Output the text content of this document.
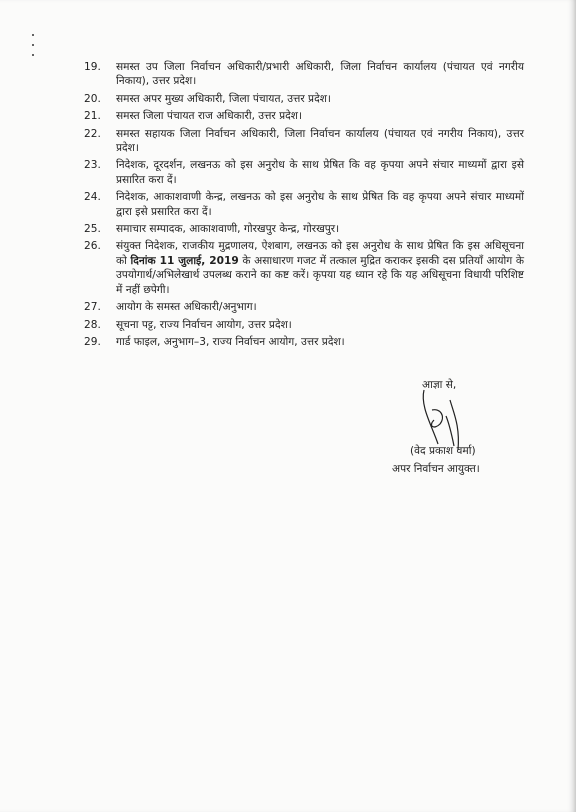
19.	समस्त उप जिला निर्वाचन अधिकारी/प्रभारी अधिकारी, जिला निर्वाचन कार्यालय (पंचायत एवं नगरीय निकाय), उत्तर प्रदेश।
20.	समस्त अपर मुख्य अधिकारी, जिला पंचायत, उत्तर प्रदेश।
21.	समस्त जिला पंचायत राज अधिकारी, उत्तर प्रदेश।
22.	समस्त सहायक जिला निर्वाचन अधिकारी, जिला निर्वाचन कार्यालय (पंचायत एवं नगरीय निकाय), उत्तर प्रदेश।
23.	निदेशक, दूरदर्शन, लखनऊ को इस अनुरोध के साथ प्रेषित कि वह कृपया अपने संचार माध्यमों द्वारा इसे प्रसारित करा दें।
24.	निदेशक, आकाशवाणी केन्द्र, लखनऊ को इस अनुरोध के साथ प्रेषित कि वह कृपया अपने संचार माध्यमों द्वारा इसे प्रसारित करा दें।
25.	समाचार सम्पादक, आकाशवाणी, गोरखपुर केन्द्र, गोरखपुर।
26.	संयुक्त निदेशक, राजकीय मुद्रणालय, ऐशबाग, लखनऊ को इस अनुरोध के साथ प्रेषित कि इस अधिसूचना को दिनांक 11 जुलाई, 2019 के असाधारण गजट में तत्काल मुद्रित कराकर इसकी दस प्रतियाँ आयोग के उपयोगार्थ/अभिलेखार्थ उपलब्ध कराने का कष्ट करें। कृपया यह ध्यान रहे कि यह अधिसूचना विधायी परिशिष्ट में नहीं छपेगी।
27.	आयोग के समस्त अधिकारी/अनुभाग।
28.	सूचना पट्ट, राज्य निर्वाचन आयोग, उत्तर प्रदेश।
29.	गार्ड फाइल, अनुभाग–3, राज्य निर्वाचन आयोग, उत्तर प्रदेश।
आज्ञा से,
(वेद प्रकाश वर्मा)
अपर निर्वाचन आयुक्त।
